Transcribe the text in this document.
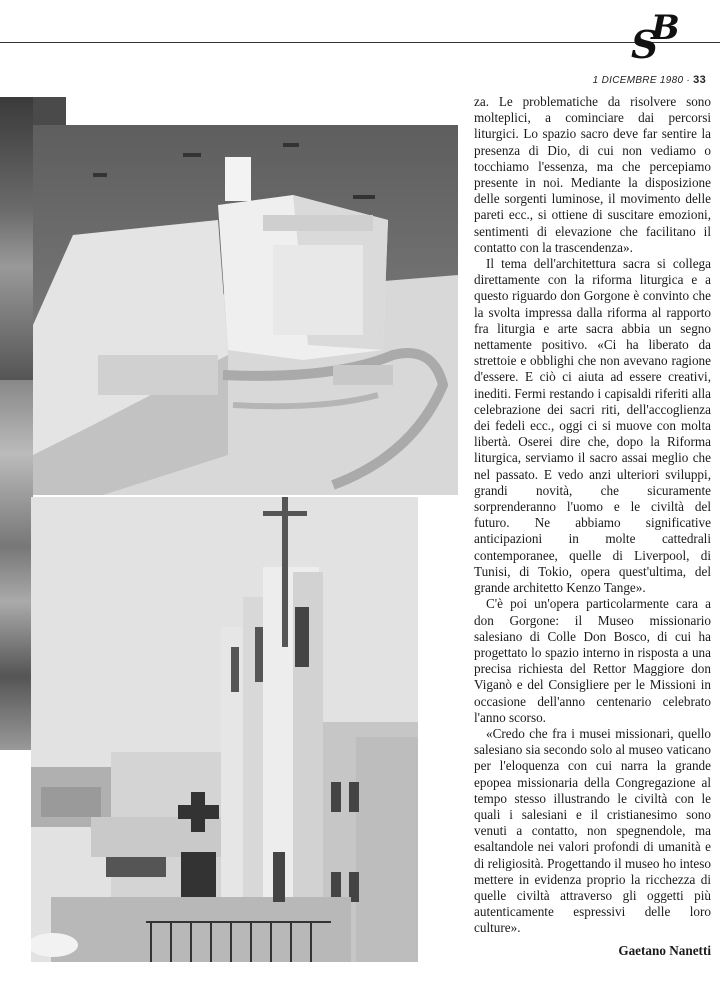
S
B
1 DICEMBRE 1980 · 33

za. Le problematiche da risolvere sono molteplici, a cominciare dai percorsi liturgici. Lo spazio sacro deve far sentire la presenza di Dio, di cui non vediamo o tocchiamo l'essenza, ma che percepiamo presente in noi. Mediante la disposizione delle sorgenti luminose, il movimento delle pareti ecc., si ottiene di suscitare emozioni, sentimenti di elevazione che facilitano il contatto con la trascendenza».

Il tema dell'architettura sacra si collega direttamente con la riforma liturgica e a questo riguardo don Gorgone è convinto che la svolta impressa dalla riforma al rapporto fra liturgia e arte sacra abbia un segno nettamente positivo. «Ci ha liberato da strettoie e obblighi che non avevano ragione d'essere. E ciò ci aiuta ad essere creativi, inediti. Fermi restando i capisaldi riferiti alla celebrazione dei sacri riti, dell'accoglienza dei fedeli ecc., oggi ci si muove con molta libertà. Oserei dire che, dopo la Riforma liturgica, serviamo il sacro assai meglio che nel passato. E vedo anzi ulteriori sviluppi, grandi novità, che sicuramente sorprenderanno l'uomo e le civiltà del futuro. Ne abbiamo significative anticipazioni in molte cattedrali contemporanee, quelle di Liverpool, di Tunisi, di Tokio, opera quest'ultima, del grande architetto Kenzo Tange».

C'è poi un'opera particolarmente cara a don Gorgone: il Museo missionario salesiano di Colle Don Bosco, di cui ha progettato lo spazio interno in risposta a una precisa richiesta del Rettor Maggiore don Viganò e del Consigliere per le Missioni in occasione dell'anno centenario celebrato l'anno scorso.

«Credo che fra i musei missionari, quello salesiano sia secondo solo al museo vaticano per l'eloquenza con cui narra la grande epopea missionaria della Congregazione al tempo stesso illustrando le civiltà con le quali i salesiani e il cristianesimo sono venuti a contatto, non spegnendole, ma esaltandole nei valori profondi di umanità e di religiosità. Progettando il museo ho inteso mettere in evidenza proprio la ricchezza di quelle civiltà attraverso gli oggetti più autenticamente espressivi delle loro culture».

Gaetano Nanetti
